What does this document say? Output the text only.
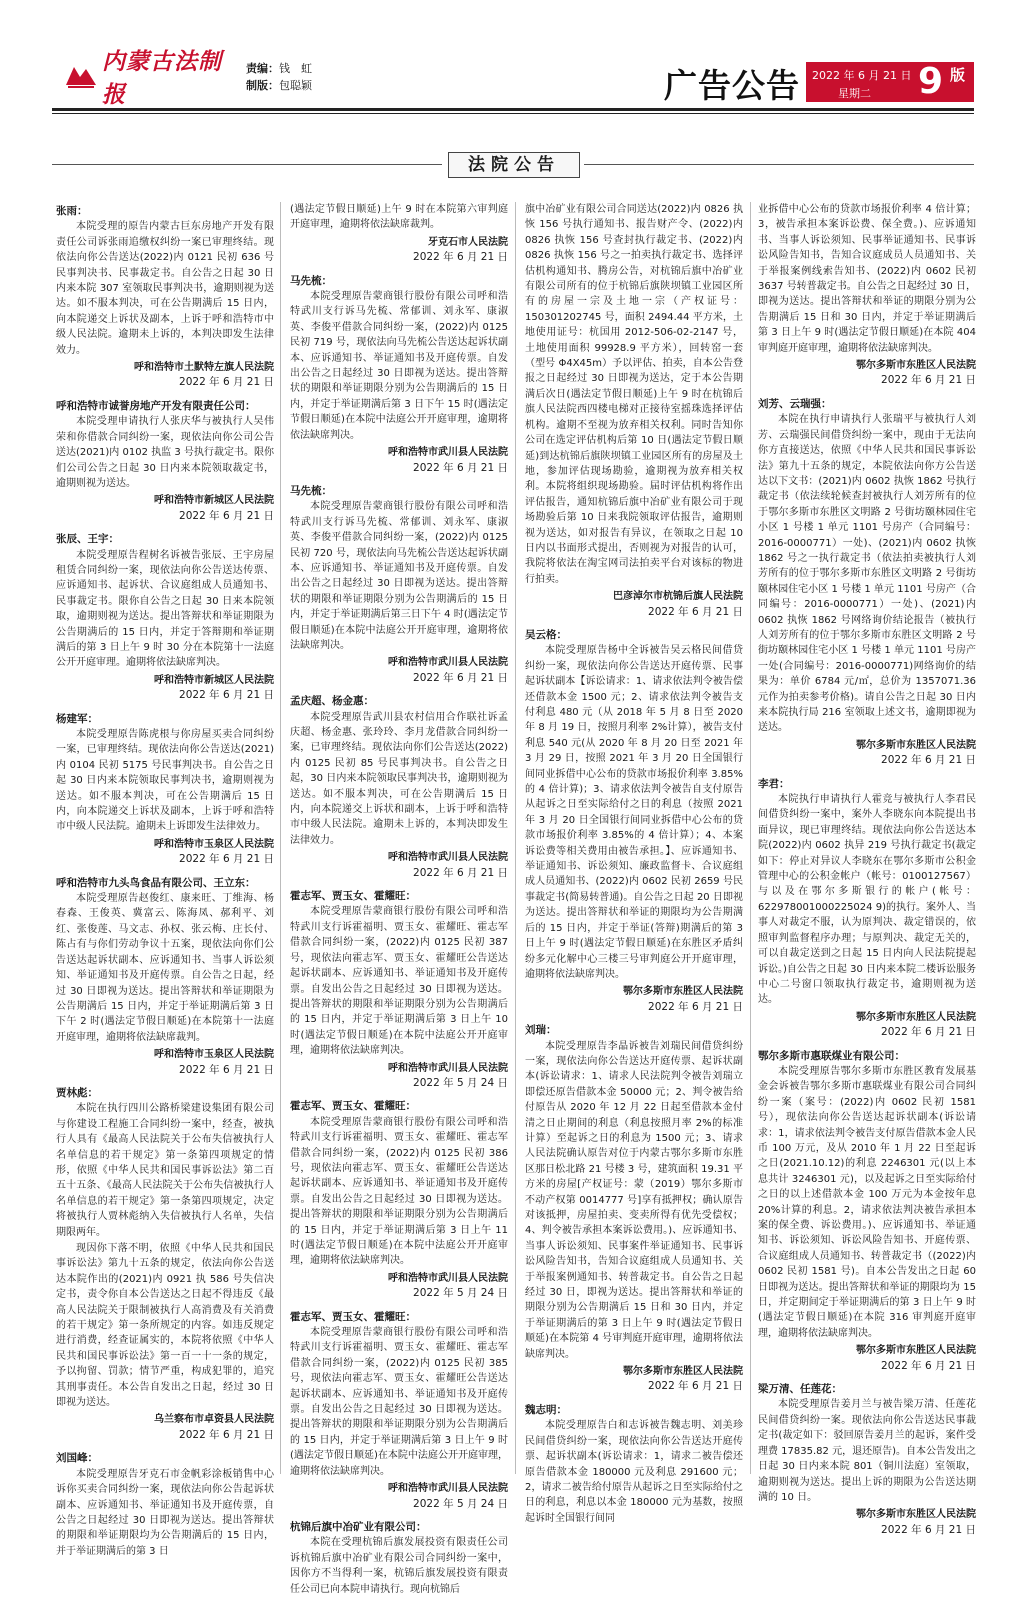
内蒙古法制报
责编：钱　虹
制版：包聪颖	广告公告 2022 年 6 月 21 日
星期二 9 版
法院公告

张雨：

本院受理的原告内蒙古巨东房地产开发有限责任公司诉张雨追缴权纠纷一案已审理终结。现依法向你公告送达(2022)内 0121 民初 636 号民事判决书、民事裁定书。自公告之日起 30 日内来本院 307 室领取民事判决书，逾期则视为送达。如不服本判决，可在公告期满后 15 日内，向本院递交上诉状及副本，上诉于呼和浩特市中级人民法院。逾期未上诉的，本判决即发生法律效力。

呼和浩特市土默特左旗人民法院

2022 年 6 月 21 日

呼和浩特市诚誉房地产开发有限责任公司：

本院受理申请执行人张庆华与被执行人吴伟荣和你借款合同纠纷一案，现依法向你公司公告送达(2021)内 0102 执监 3 号执行裁定书。限你们公司公告之日起 30 日内来本院领取裁定书，逾期则视为送达。

呼和浩特市新城区人民法院

2022 年 6 月 21 日

张辰、王宇：

本院受理原告程树名诉被告张辰、王宇房屋租赁合同纠纷一案，现依法向你公告送达传票、应诉通知书、起诉状、合议庭组成人员通知书、民事裁定书。限你自公告之日起 30 日来本院领取，逾期则视为送达。提出答辩状和举证期限为公告期满后的 15 日内，并定于答辩期和举证期满后的第 3 日上午 9 时 30 分在本院第十一法庭公开开庭审理。逾期将依法缺席判决。

呼和浩特市新城区人民法院

2022 年 6 月 21 日

杨建军：

本院受理原告陈虎根与你房屋买卖合同纠纷一案，已审理终结。现依法向你公告送达(2021)内 0104 民初 5175 号民事判决书。自公告之日起 30 日内来本院领取民事判决书，逾期则视为送达。如不服本判决，可在公告期满后 15 日内，向本院递交上诉状及副本，上诉于呼和浩特市中级人民法院。逾期未上诉即发生法律效力。

呼和浩特市玉泉区人民法院

2022 年 6 月 21 日

呼和浩特市九头鸟食品有限公司、王立东：

本院受理原告赵俊红、康来旺、丁维海、杨春森、王俊英、冀富云、陈海凤、郝利平、刘红、张俊莲、马文志、孙权、张云梅、庄长付、陈占有与你们劳动争议十五案，现依法向你们公告送达起诉状副本、应诉通知书、当事人诉讼须知、举证通知书及开庭传票。自公告之日起，经过 30 日即视为送达。提出答辩状和举证期限为公告期满后 15 日内，并定于举证期满后第 3 日下午 2 时(遇法定节假日顺延)在本院第十一法庭开庭审理，逾期将依法缺席裁判。

呼和浩特市玉泉区人民法院

2022 年 6 月 21 日

贾林彪：

本院在执行四川公路桥梁建设集团有限公司与你建设工程施工合同纠纷一案中，经查，被执行人具有《最高人民法院关于公布失信被执行人名单信息的若干规定》第一条第四项规定的情形，依照《中华人民共和国民事诉讼法》第二百五十五条、《最高人民法院关于公布失信被执行人名单信息的若干规定》第一条第四项规定，决定将被执行人贾林彪纳入失信被执行人名单，失信期限两年。

现因你下落不明，依照《中华人民共和国民事诉讼法》第九十五条的规定，依法向你公告送达本院作出的(2021)内 0921 执 586 号失信决定书，责令你自本公告送达之日起不得违反《最高人民法院关于限制被执行人高消费及有关消费的若干规定》第一条所规定的内容。如违反规定进行消费，经查证属实的，本院将依照《中华人民共和国民事诉讼法》第一百一十一条的规定，予以拘留、罚款；情节严重，构成犯罪的，追究其刑事责任。本公告自发出之日起，经过 30 日即视为送达。

乌兰察布市卓资县人民法院

2022 年 6 月 21 日

刘国峰：

本院受理原告牙克石市金帆彩涂板销售中心诉你买卖合同纠纷一案，现依法向你公告起诉状副本、应诉通知书、举证通知书及开庭传票，自公告之日起经过 30 日即视为送达。提出答辩状的期限和举证期限均为公告期满后的 15 日内，并于举证期满后的第 3 日

(遇法定节假日顺延)上午 9 时在本院第六审判庭开庭审理，逾期将依法缺席裁判。

牙克石市人民法院

2022 年 6 月 21 日

马先梳：

本院受理原告蒙商银行股份有限公司呼和浩特武川支行诉马先梳、常郁训、刘永军、康淑英、李俊平借款合同纠纷一案，(2022)内 0125 民初 719 号，现依法向马先梳公告送达起诉状副本、应诉通知书、举证通知书及开庭传票。自发出公告之日起经过 30 日即视为送达。提出答辩状的期限和举证期限分别为公告期满后的 15 日内，并定于举证期满后第 3 日下午 15 时(遇法定节假日顺延)在本院中法庭公开开庭审理，逾期将依法缺席判决。

呼和浩特市武川县人民法院

2022 年 6 月 21 日

马先梳：

本院受理原告蒙商银行股份有限公司呼和浩特武川支行诉马先梳、常郁训、刘永军、康淑英、李俊平借款合同纠纷一案，(2022)内 0125 民初 720 号，现依法向马先梳公告送达起诉状副本、应诉通知书、举证通知书及开庭传票。自发出公告之日起经过 30 日即视为送达。提出答辩状的期限和举证期限分别为公告期满后的 15 日内，并定于举证期满后第三日下午 4 时(遇法定节假日顺延)在本院中法庭公开开庭审理，逾期将依法缺席判决。

呼和浩特市武川县人民法院

2022 年 6 月 21 日

孟庆超、杨金惠：

本院受理原告武川县农村信用合作联社诉孟庆超、杨金惠、张玲玲、李月龙借款合同纠纷一案，已审理终结。现依法向你们公告送达(2022)内 0125 民初 85 号民事判决书。自公告之日起，30 日内来本院领取民事判决书，逾期则视为送达。如不服本判决，可在公告期满后 15 日内，向本院递交上诉状和副本，上诉于呼和浩特市中级人民法院。逾期未上诉的，本判决即发生法律效力。

呼和浩特市武川县人民法院

2022 年 6 月 21 日

霍志军、贾玉女、霍耀旺：

本院受理原告蒙商银行股份有限公司呼和浩特武川支行诉霍福明、贾玉女、霍耀旺、霍志军借款合同纠纷一案，(2022)内 0125 民初 387 号，现依法向霍志军、贾玉女、霍耀旺公告送达起诉状副本、应诉通知书、举证通知书及开庭传票。自发出公告之日起经过 30 日即视为送达。提出答辩状的期限和举证期限分别为公告期满后的 15 日内，并定于举证期满后第 3 日上午 10 时(遇法定节假日顺延)在本院中法庭公开开庭审理，逾期将依法缺席判决。

呼和浩特市武川县人民法院

2022 年 5 月 24 日

霍志军、贾玉女、霍耀旺：

本院受理原告蒙商银行股份有限公司呼和浩特武川支行诉霍福明、贾玉女、霍耀旺、霍志军借款合同纠纷一案，(2022)内 0125 民初 386 号，现依法向霍志军、贾玉女、霍耀旺公告送达起诉状副本、应诉通知书、举证通知书及开庭传票。自发出公告之日起经过 30 日即视为送达。提出答辩状的期限和举证期限分别为公告期满后的 15 日内，并定于举证期满后第 3 日上午 11 时(遇法定节假日顺延)在本院中法庭公开开庭审理，逾期将依法缺席判决。

呼和浩特市武川县人民法院

2022 年 5 月 24 日

霍志军、贾玉女、霍耀旺：

本院受理原告蒙商银行股份有限公司呼和浩特武川支行诉霍福明、贾玉女、霍耀旺、霍志军借款合同纠纷一案，(2022)内 0125 民初 385 号，现依法向霍志军、贾玉女、霍耀旺公告送达起诉状副本、应诉通知书、举证通知书及开庭传票。自发出公告之日起经过 30 日即视为送达。提出答辩状的期限和举证期限分别为公告期满后的 15 日内，并定于举证期满后第 3 日上午 9 时(遇法定节假日顺延)在本院中法庭公开开庭审理，逾期将依法缺席判决。

呼和浩特市武川县人民法院

2022 年 5 月 24 日

杭锦后旗中冶矿业有限公司：

本院在受理杭锦后旗发展投资有限责任公司诉杭锦后旗中冶矿业有限公司合同纠纷一案中，因你方不当得利一案，杭锦后旗发展投资有限责任公司已向本院申请执行。现向杭锦后

旗中冶矿业有限公司合同送达(2022)内 0826 执恢 156 号执行通知书、报告财产令、(2022)内 0826 执恢 156 号查封执行裁定书、(2022)内 0826 执恢 156 号之一拍卖执行裁定书、选择评估机构通知书、腾房公告，对杭锦后旗中冶矿业有限公司所有的位于杭锦后旗陕坝镇工业园区所有的房屋一宗及土地一宗（产权证号：150301202745 号，面积 2494.44 平方米，土地使用证号：杭国用 2012-506-02-2147 号，土地使用面积 99928.9 平方米），回转窑一套（型号 Φ4X45m）予以评估、拍卖，自本公告登报之日起经过 30 日即视为送达，定于本公告期满后次日(遇法定节假日顺延)上午 9 时在杭锦后旗人民法院西四楼电梯对正接待室摇珠选择评估机构。逾期不至视为放弃相关权利。同时告知你公司在选定评估机构后第 10 日(遇法定节假日顺延)到达杭锦后旗陕坝镇工业园区所有的房屋及土地，参加评估现场勘验，逾期视为放弃相关权利。本院将组织现场勘验。届时评估机构将作出评估报告，通知杭锦后旗中冶矿业有限公司于现场勘验后第 10 日来我院领取评估报告，逾期则视为送达，如对报告有异议，在领取之日起 10 日内以书面形式提出，否则视为对报告的认可，我院将依法在淘宝网司法拍卖平台对该标的物进行拍卖。

巴彦淖尔市杭锦后旗人民法院

2022 年 6 月 21 日

吴云格：

本院受理原告杨中全诉被告吴云格民间借贷纠纷一案，现依法向你公告送达开庭传票、民事起诉状副本【诉讼请求：1、请求依法判令被告偿还借款本金 1500 元；2、请求依法判令被告支付利息 480 元（从 2018 年 5 月 8 日至 2020 年 8 月 19 日，按照月利率 2%计算），被告支付利息 540 元(从 2020 年 8 月 20 日至 2021 年 3 月 29 日，按照 2021 年 3 月 20 日全国银行间同业拆借中心公布的贷款市场报价利率 3.85%的 4 倍计算)；3、请求依法判令被告自支付原告从起诉之日至实际给付之日的利息（按照 2021 年 3 月 20 日全国银行间同业拆借中心公布的贷款市场报价利率 3.85%的 4 倍计算）；4、本案诉讼费等相关费用由被告承担。】、应诉通知书、举证通知书、诉讼须知、廉政监督卡、合议庭组成人员通知书、(2022)内 0602 民初 2659 号民事裁定书(简易转普通)。自公告之日起 20 日即视为送达。提出答辩状和举证的期限均为公告期满后的 15 日内，并定于举证(答辩)期满后的第 3 日上午 9 时(遇法定节假日顺延)在东胜区矛盾纠纷多元化解中心三楼三号审判庭公开开庭审理，逾期将依法缺席判决。

鄂尔多斯市东胜区人民法院

2022 年 6 月 21 日

刘瑞：

本院受理原告李晶诉被告刘瑞民间借贷纠纷一案，现依法向你公告送达开庭传票、起诉状副本(诉讼请求：1、请求人民法院判令被告刘瑞立即偿还原告借款本金 50000 元；2、判令被告给付原告从 2020 年 12 月 22 日起至借款本金付清之日止期间的利息（利息按照月率 2%的标准计算）至起诉之日的利息为 1500 元；3、请求人民法院确认原告对位于内蒙古鄂尔多斯市东胜区那日松北路 21 号楼 3 号，建筑面积 19.31 平方米的房屋[产权证号：蒙（2019）鄂尔多斯市不动产权第 0014777 号]享有抵押权；确认原告对该抵押，房屋拍卖、变卖所得有优先受偿权；4、判令被告承担本案诉讼费用。)、应诉通知书、当事人诉讼须知、民事案件举证通知书、民事诉讼风险告知书，告知合议庭组成人员通知书、关于举报案例通知书、转普裁定书。自公告之日起经过 30 日，即视为送达。提出答辩状和举证的期限分别为公告期满后 15 日和 30 日内，并定于举证期满后的第 3 日上午 9 时(遇法定节假日顺延)在本院第 4 号审判庭开庭审理，逾期将依法缺席判决。

鄂尔多斯市东胜区人民法院

2022 年 6 月 21 日

魏志明：

本院受理原告白和志诉被告魏志明、刘美珍民间借贷纠纷一案，现依法向你公告送达开庭传票、起诉状副本(诉讼请求：1，请求二被告偿还原告借款本金 180000 元及利息 291600 元；2，请求二被告给付原告从起诉之日至实际给付之日的利息，利息以本金 180000 元为基数，按照起诉时全国银行间同

业拆借中心公布的贷款市场报价利率 4 倍计算；3，被告承担本案诉讼费、保全费。)、应诉通知书、当事人诉讼须知、民事举证通知书、民事诉讼风险告知书，告知合议庭成员人员通知书、关于举报案例线索告知书、(2022)内 0602 民初 3637 号转普裁定书。自公告之日起经过 30 日，即视为送达。提出答辩状和举证的期限分别为公告期满后 15 日和 30 日内，并定于举证期满后第 3 日上午 9 时(遇法定节假日顺延)在本院 404 审判庭开庭审理，逾期将依法缺席判决。

鄂尔多斯市东胜区人民法院

2022 年 6 月 21 日

刘芳、云瑞强：

本院在执行申请执行人张瑞平与被执行人刘芳、云瑞强民间借贷纠纷一案中，现由于无法向你方直接送达，依照《中华人民共和国民事诉讼法》第九十五条的规定，本院依法向你方公告送达以下文书：(2021)内 0602 执恢 1862 号执行裁定书（依法续轮候查封被执行人刘芳所有的位于鄂尔多斯市东胜区文明路 2 号街坊颐林园住宅小区 1 号楼 1 单元 1101 号房产（合同编号：2016-0000771）一处)、(2021)内 0602 执恢 1862 号之一执行裁定书（依法拍卖被执行人刘芳所有的位于鄂尔多斯市东胜区文明路 2 号街坊颐林园住宅小区 1 号楼 1 单元 1101 号房产（合同编号：2016-0000771）一处)、(2021)内 0602 执恢 1862 号网络询价结论报告（被执行人刘芳所有的位于鄂尔多斯市东胜区文明路 2 号街坊颐林园住宅小区 1 号楼 1 单元 1101 号房产一处(合同编号：2016-0000771)网络询价的结果为：单价 6784 元/㎡，总价为 1357071.36 元作为拍卖参考价格)。请自公告之日起 30 日内来本院执行局 216 室领取上述文书，逾期即视为送达。

鄂尔多斯市东胜区人民法院

2022 年 6 月 21 日

李君：

本院执行申请执行人霍竞与被执行人李君民间借贷纠纷一案中，案外人李晓东向本院提出书面异议，现已审理终结。现依法向你公告送达本院(2022)内 0602 执异 219 号执行裁定书(裁定如下：停止对异议人李晓东在鄂尔多斯市公积金管理中心的公积金帐户（帐号：0100127567）与以及在鄂尔多斯银行的帐户(帐号：622978001000225024 9)的执行。案外人、当事人对裁定不服，认为原判决、裁定错误的，依照审判监督程序办理；与原判决、裁定无关的，可以自裁定送到之日起 15 日内向人民法院提起诉讼。)自公告之日起 30 日内来本院二楼诉讼服务中心二号窗口领取执行裁定书，逾期则视为送达。

鄂尔多斯市东胜区人民法院

2022 年 6 月 21 日

鄂尔多斯市惠联煤业有限公司：

本院受理原告鄂尔多斯市东胜区教育发展基金会诉被告鄂尔多斯市惠联煤业有限公司合同纠纷一案（案号：(2022)内 0602 民初 1581 号），现依法向你公告送达起诉状副本(诉讼请求：1，请求依法判令被告支付原告借款本金人民币 100 万元，及从 2010 年 1 月 22 日至起诉之日(2021.10.12)的利息 2246301 元(以上本息共计 3246301 元)，以及起诉之日至实际给付之日的以上述借款本金 100 万元为本金按年息 20%计算的利息。2，请求依法判决被告承担本案的保全费、诉讼费用。)、应诉通知书、举证通知书、诉讼须知、诉讼风险告知书、开庭传票、合议庭组成人员通知书、转普裁定书（(2022)内 0602 民初 1581 号)。自本公告发出之日起 60 日即视为送达。提出答辩状和举证的期限均为 15 日，并定期间定于举证期满后的第 3 日上午 9 时(遇法定节假日顺延)在本院 316 审判庭开庭审理，逾期将依法缺席判决。

鄂尔多斯市东胜区人民法院

2022 年 6 月 21 日

梁万清、任莲花：

本院受理原告姜月兰与被告梁万清、任莲花民间借贷纠纷一案。现依法向你公告送达民事裁定书(裁定如下：驳回原告姜月兰的起诉，案件受理费 17835.82 元，退还原告)。自本公告发出之日起 30 日内来本院 801（铜川法庭）室领取，逾期则视为送达。提出上诉的期限为公告送达期满的 10 日。

鄂尔多斯市东胜区人民法院

2022 年 6 月 21 日
